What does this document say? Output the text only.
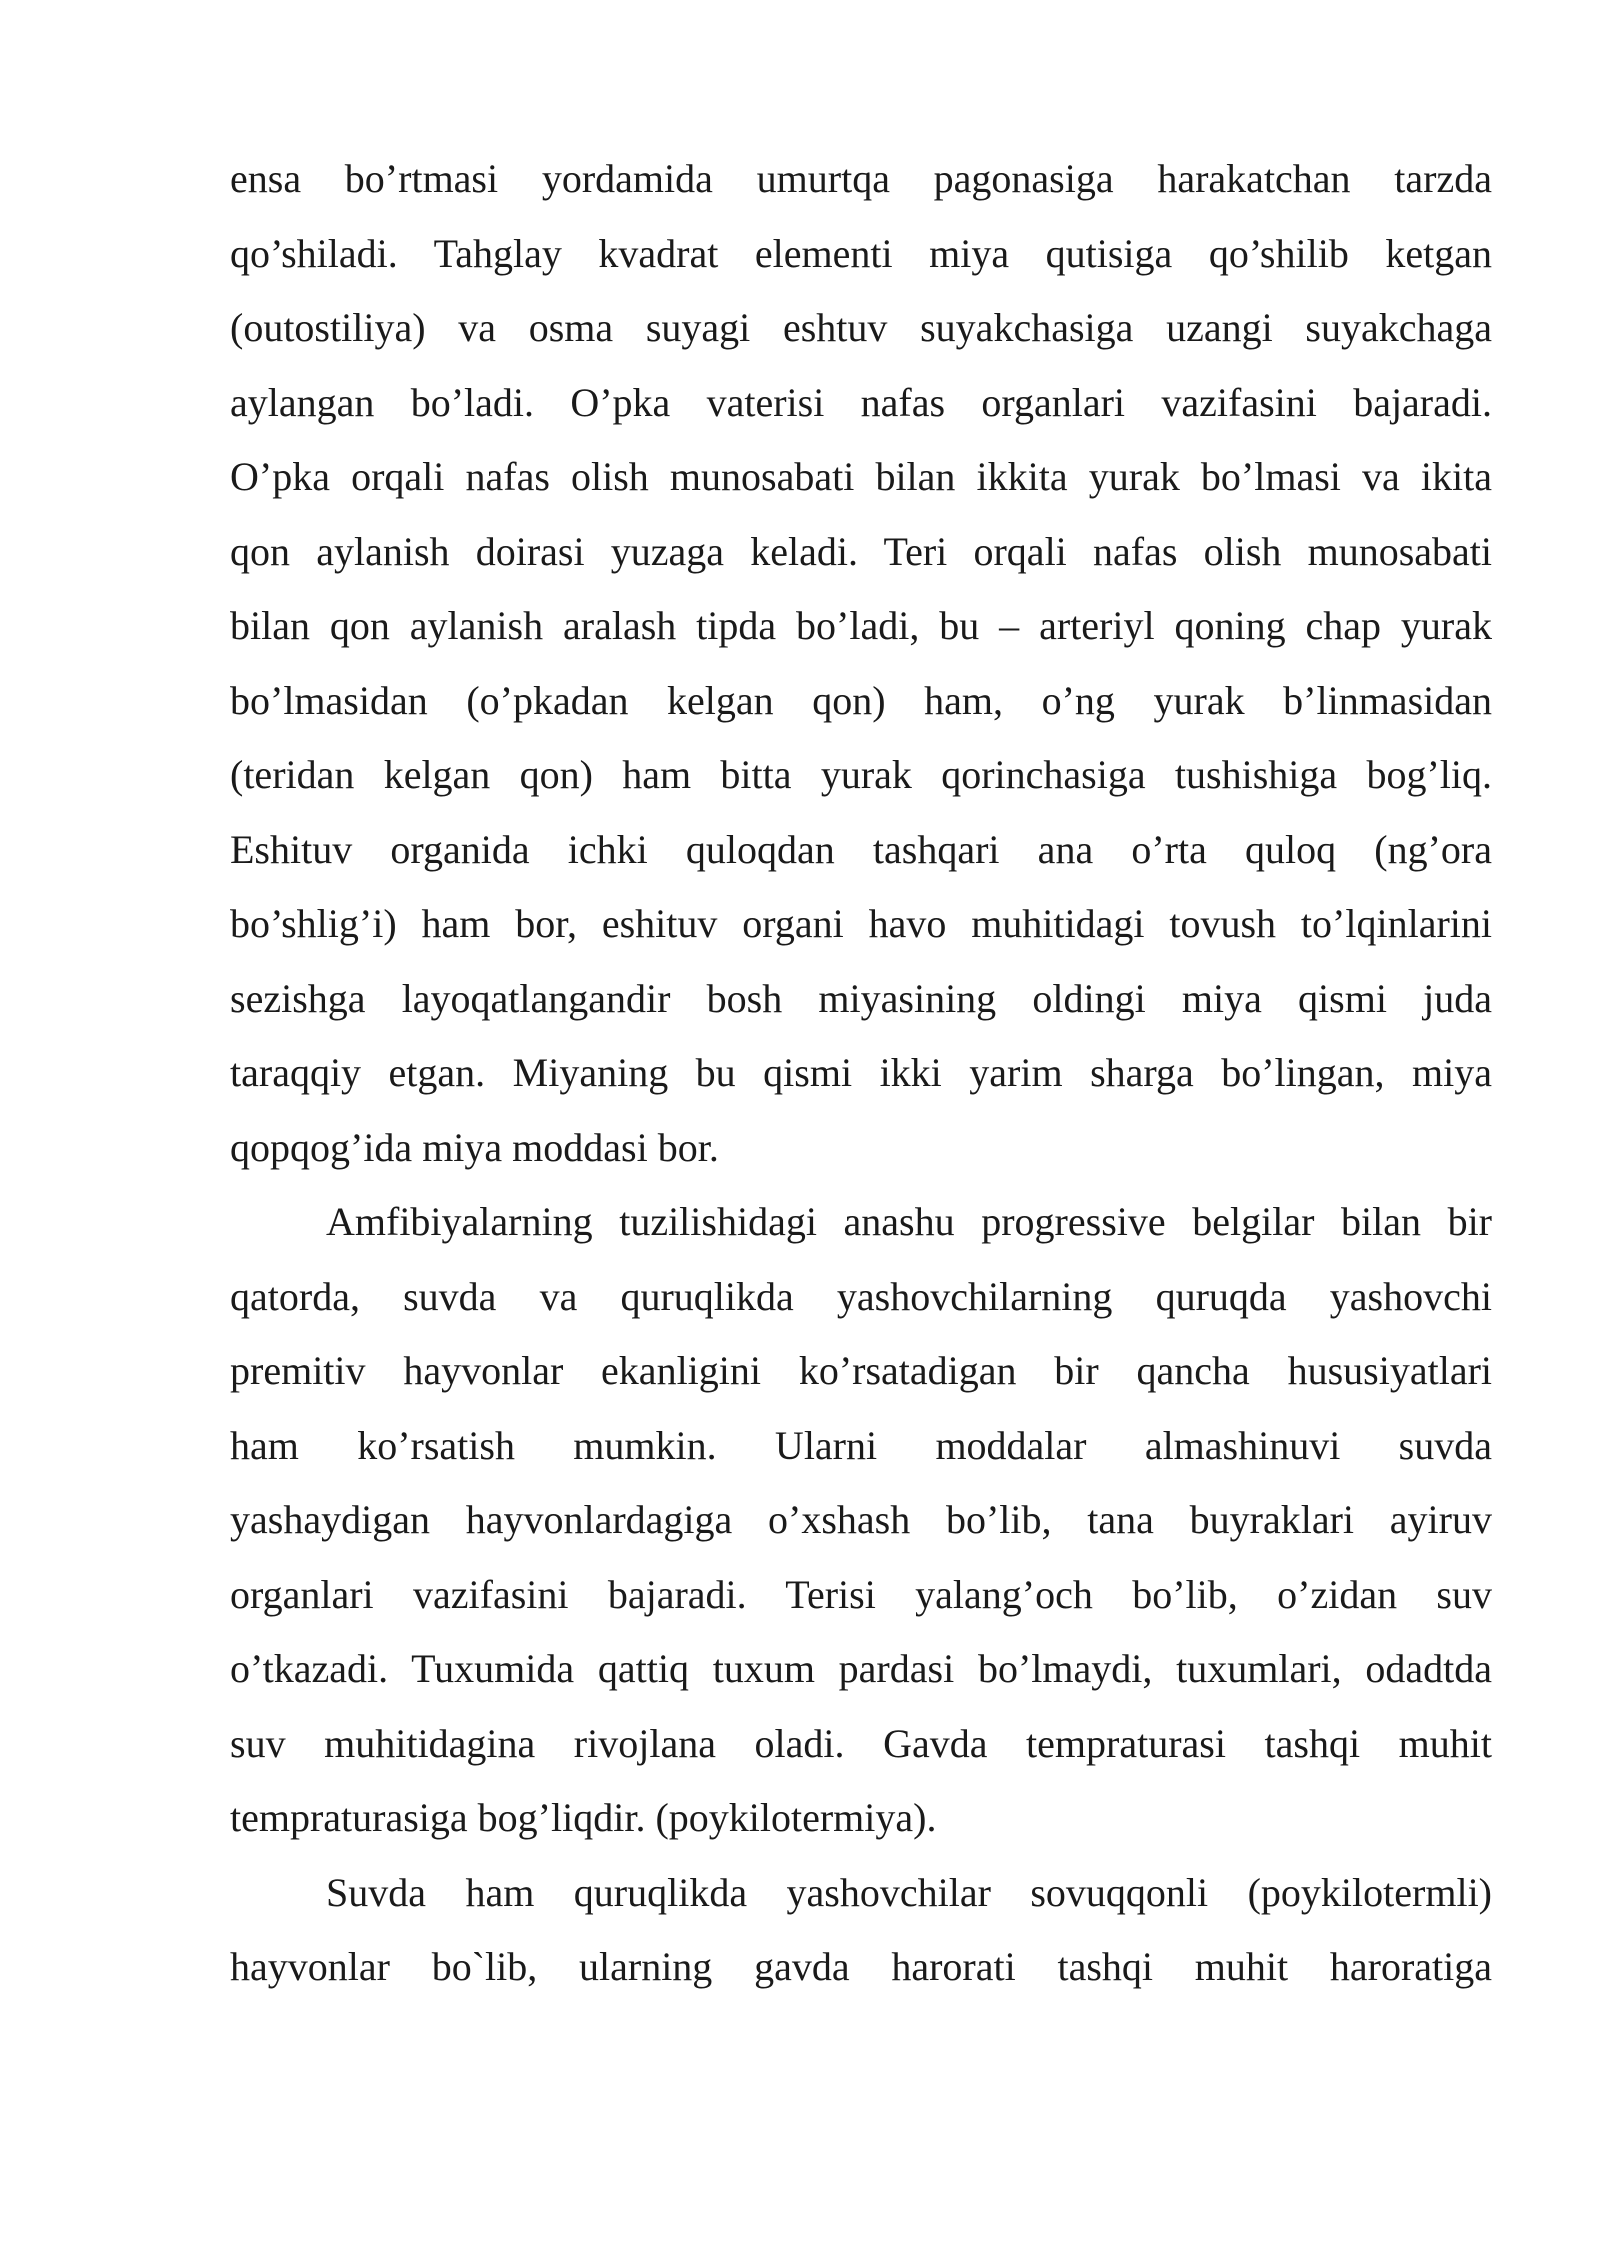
ensa bo’rtmasi yordamida umurtqa pagonasiga harakatchan tarzda
qo’shiladi. Tahglay kvadrat elementi miya qutisiga qo’shilib ketgan
(outostiliya) va osma suyagi eshtuv suyakchasiga uzangi suyakchaga
aylangan bo’ladi. O’pka vaterisi nafas organlari vazifasini bajaradi.
O’pka orqali nafas olish munosabati bilan ikkita yurak bo’lmasi va ikita
qon aylanish doirasi yuzaga keladi. Teri orqali nafas olish munosabati
bilan qon aylanish aralash tipda bo’ladi, bu – arteriyl qoning chap yurak
bo’lmasidan (o’pkadan kelgan qon) ham, o’ng yurak b’linmasidan
(teridan kelgan qon) ham bitta yurak qorinchasiga tushishiga bog’liq.
Eshituv organida ichki quloqdan tashqari ana o’rta quloq (ng’ora
bo’shlig’i) ham bor, eshituv organi havo muhitidagi tovush to’lqinlarini
sezishga layoqatlangandir bosh miyasining oldingi miya qismi juda
taraqqiy etgan. Miyaning bu qismi ikki yarim sharga bo’lingan, miya
qopqog’ida miya moddasi bor.
Amfibiyalarning tuzilishidagi anashu progressive belgilar bilan bir
qatorda, suvda va quruqlikda yashovchilarning quruqda yashovchi
premitiv hayvonlar ekanligini ko’rsatadigan bir qancha hususiyatlari
ham ko’rsatish mumkin. Ularni moddalar almashinuvi suvda
yashaydigan hayvonlardagiga o’xshash bo’lib, tana buyraklari ayiruv
organlari vazifasini bajaradi. Terisi yalang’och bo’lib, o’zidan suv
o’tkazadi. Tuxumida qattiq tuxum pardasi bo’lmaydi, tuxumlari, odadtda
suv muhitidagina rivojlana oladi. Gavda tempraturasi tashqi muhit
tempraturasiga bog’liqdir. (poykilotermiya).
Suvda ham quruqlikda yashovchilar sovuqqonli (poykilotermli)
hayvonlar bo`lib, ularning gavda harorati tashqi muhit haroratiga
